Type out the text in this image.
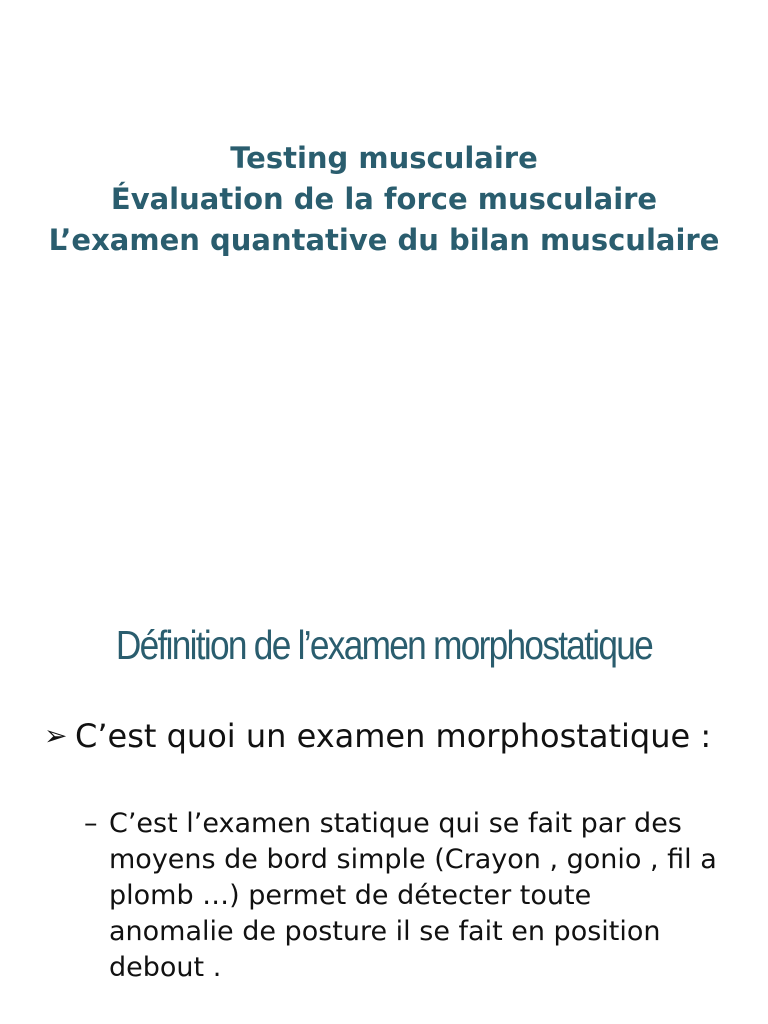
Testing musculaire
Évaluation de la force musculaire
L’examen quantative du bilan musculaire
Définition de l’examen morphostatique
➢ C’est quoi un examen morphostatique :
– C’est l’examen statique qui se fait par des moyens de bord simple (Crayon , gonio , fil a plomb …) permet de détecter toute anomalie de posture il se fait en position debout .
